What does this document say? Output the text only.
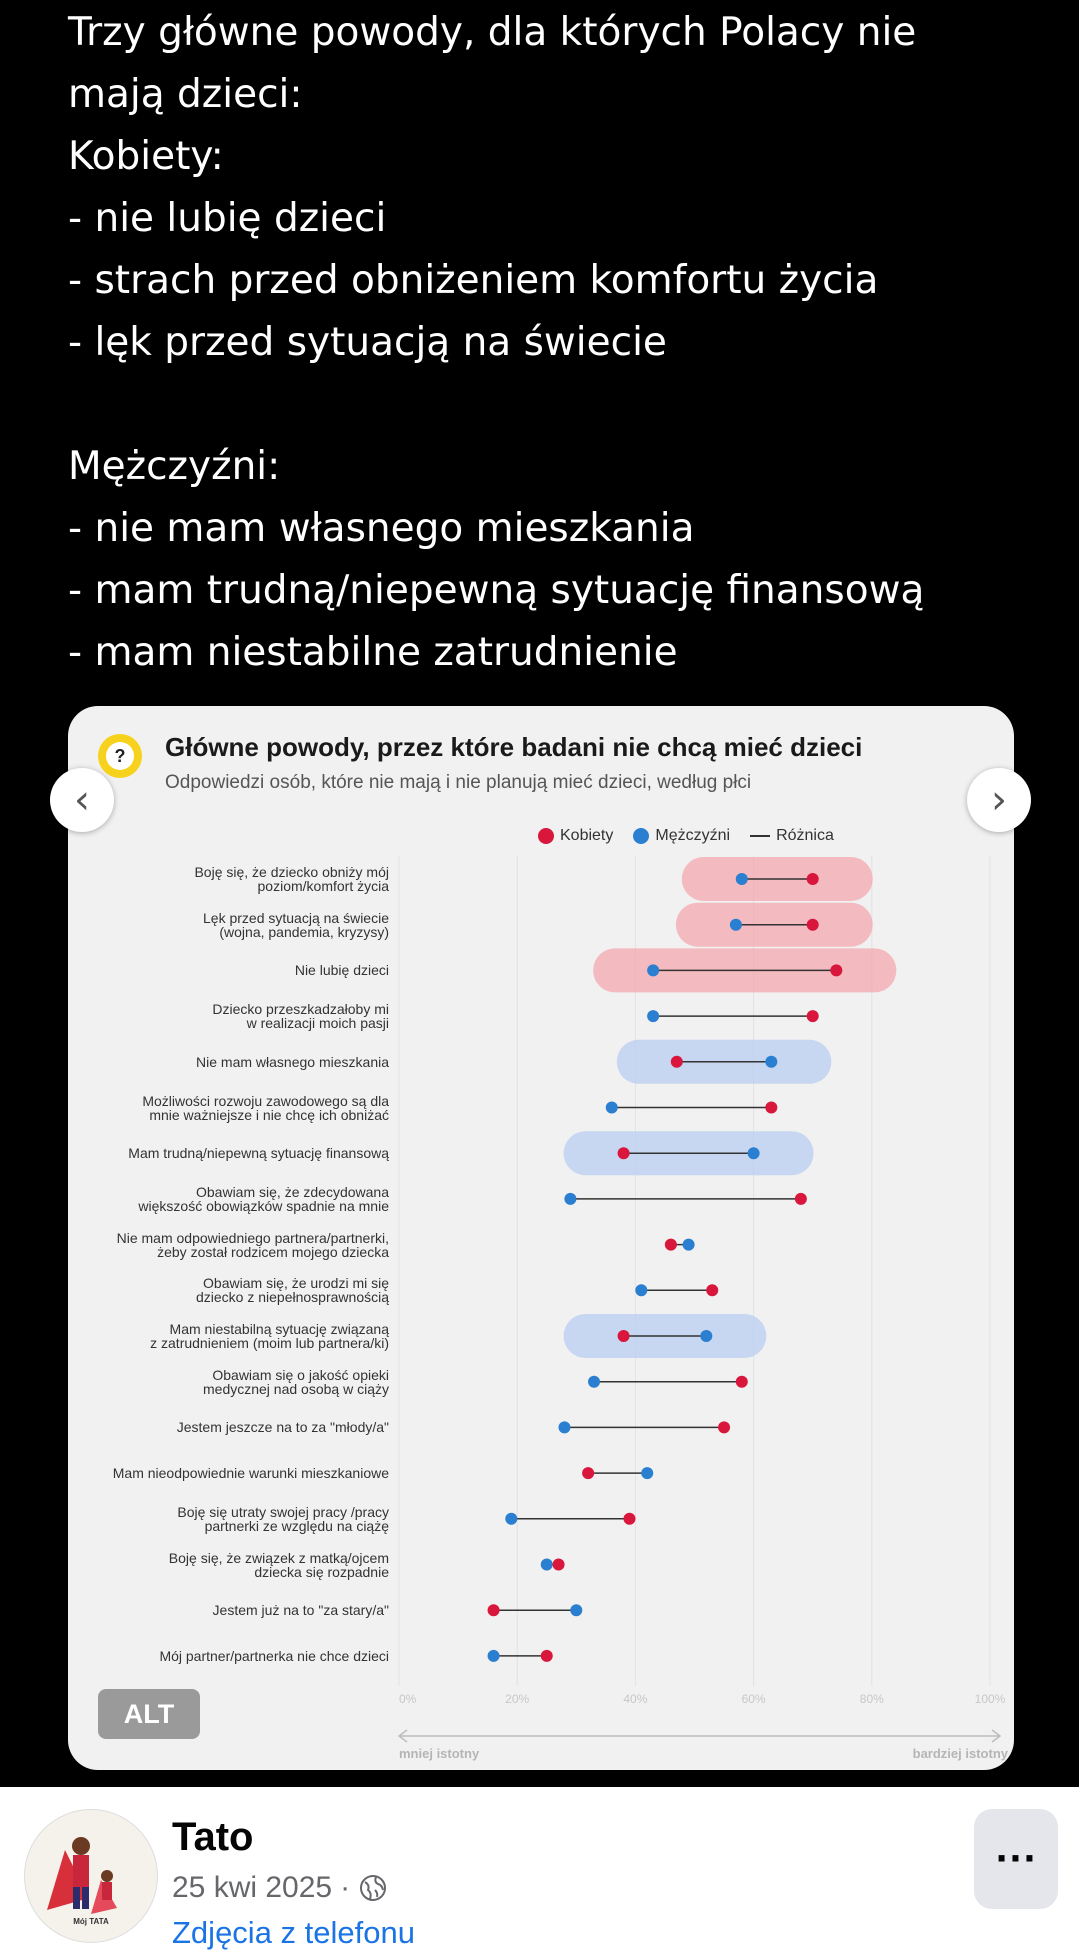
Trzy główne powody, dla których Polacy nie
mają dzieci:
Kobiety:
- nie lubię dzieci
- strach przed obniżeniem komfortu życia
- lęk przed sytuacją na świecie
Mężczyźni:
- nie mam własnego mieszkania
- mam trudną/niepewną sytuację finansową
- mam niestabilne zatrudnienie
?	Główne powody, przez które badani nie chcą mieć dzieci
Odpowiedzi osób, które nie mają i nie planują mieć dzieci, według płci
Kobiety	Mężczyźni	Różnica
0%	20%	40%	60%	80%	100%
mniej istotny	bardziej istotny
Boję się, że dziecko obniży mój
poziom/komfort życia
Lęk przed sytuacją na świecie
(wojna, pandemia, kryzysy)
Nie lubię dzieci
Dziecko przeszkadzałoby mi
w realizacji moich pasji
Nie mam własnego mieszkania
Możliwości rozwoju zawodowego są dla
mnie ważniejsze i nie chcę ich obniżać
Mam trudną/niepewną sytuację finansową
Obawiam się, że zdecydowana
większość obowiązków spadnie na mnie
Nie mam odpowiedniego partnera/partnerki,
żeby został rodzicem mojego dziecka
Obawiam się, że urodzi mi się
dziecko z niepełnosprawnością
Mam niestabilną sytuację związaną
z zatrudnieniem (moim lub partnera/ki)
Obawiam się o jakość opieki
medycznej nad osobą w ciąży
Jestem jeszcze na to za "młody/a"
Mam nieodpowiednie warunki mieszkaniowe
Boję się utraty swojej pracy /pracy
partnerki ze względu na ciążę
Boję się, że związek z matką/ojcem
dziecka się rozpadnie
Jestem już na to "za stary/a"
Mój partner/partnerka nie chce dzieci
‹	›
ALT
Mój TATA
Tato
25 kwi 2025 ·
Zdjęcia z telefonu
···
